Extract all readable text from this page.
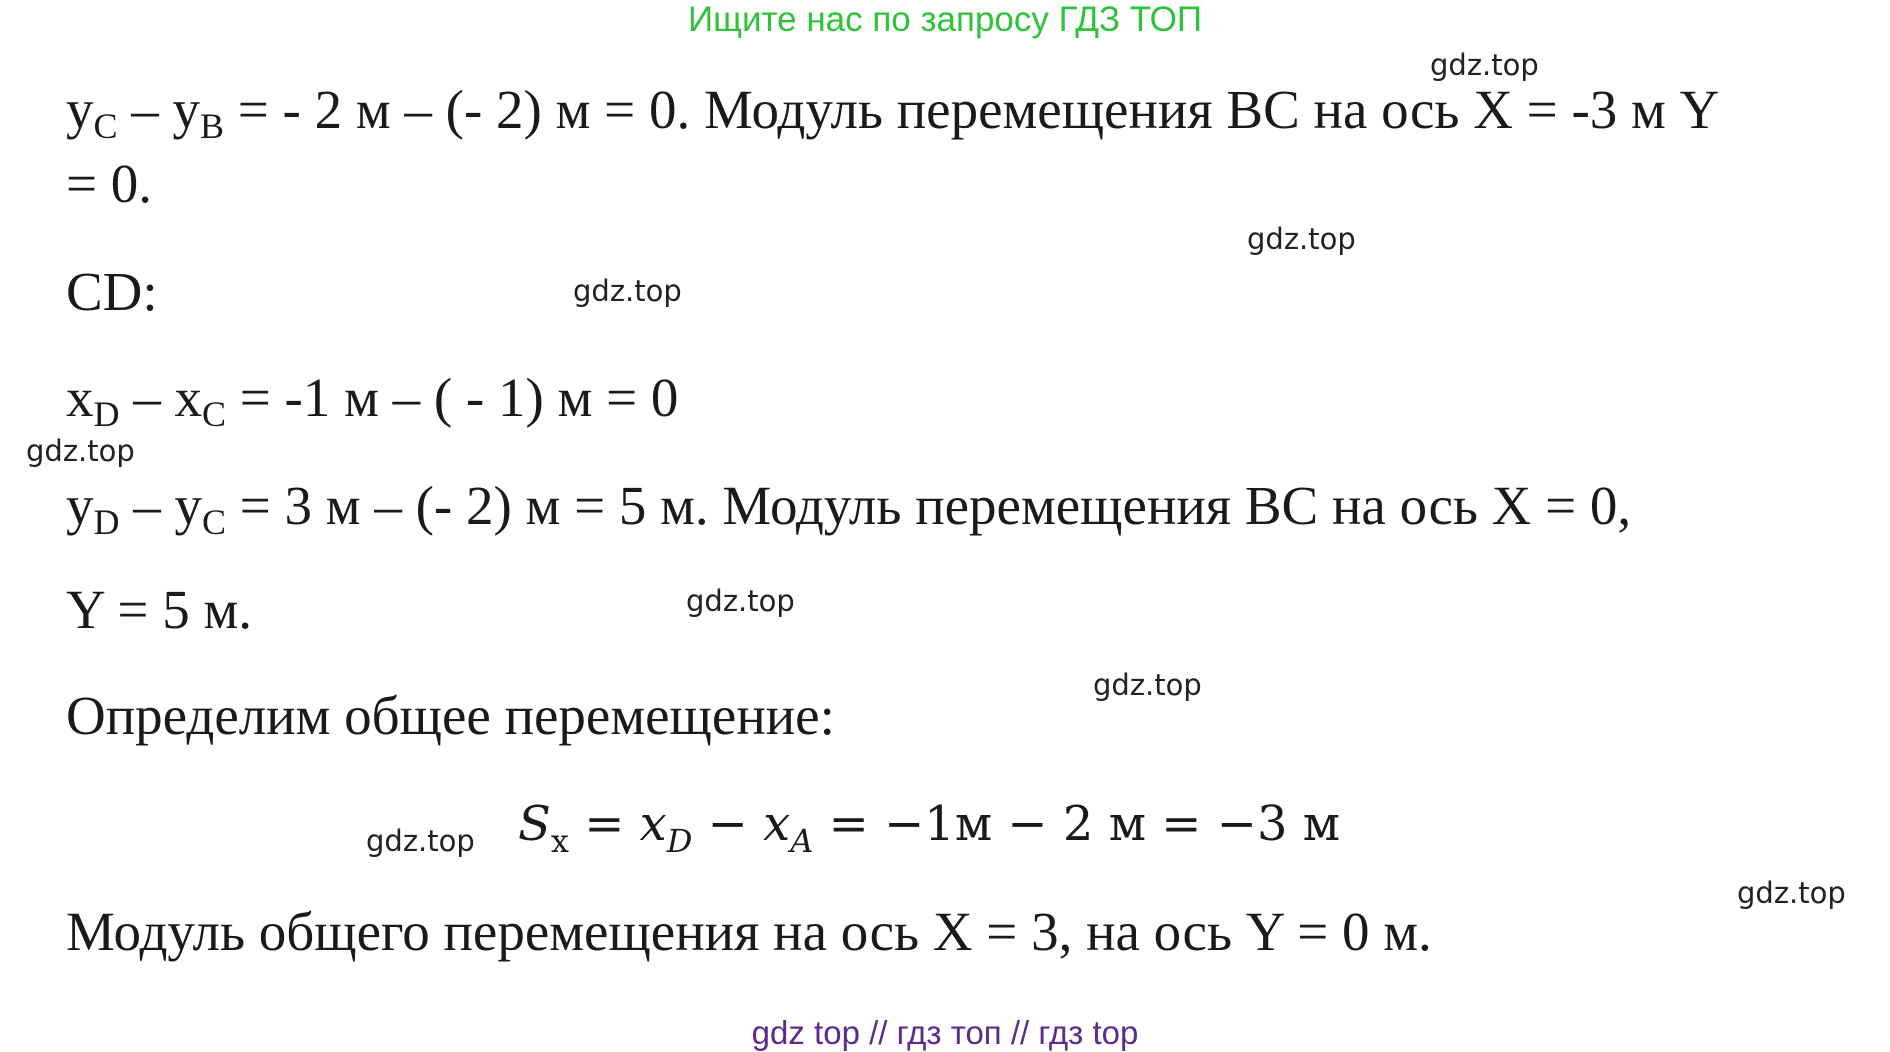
Ищите нас по запросу ГДЗ ТОП
gdz.top
$y_C - y_B$ = - 2 м – (- 2) м = 0. Модуль перемещения ВС на ось X = -3 м Y
= 0.
gdz.top
CD:	gdz.top
$x_D - x_C = -1$ м – ( - 1) м = 0
gdz.top
$y_D - y_C = 3$ м – (- 2) м = 5 м. Модуль перемещения ВС на ось X = 0,
Y = 5 м.	gdz.top
gdz.top
Определим общее перемещение:
gdz.top $S_x = x_D - x_A = -1м - 2$ м = −3 м
gdz.top
Модуль общего перемещения на ось X = 3, на ось Y = 0 м.
gdz top // гдз топ // гдз top
